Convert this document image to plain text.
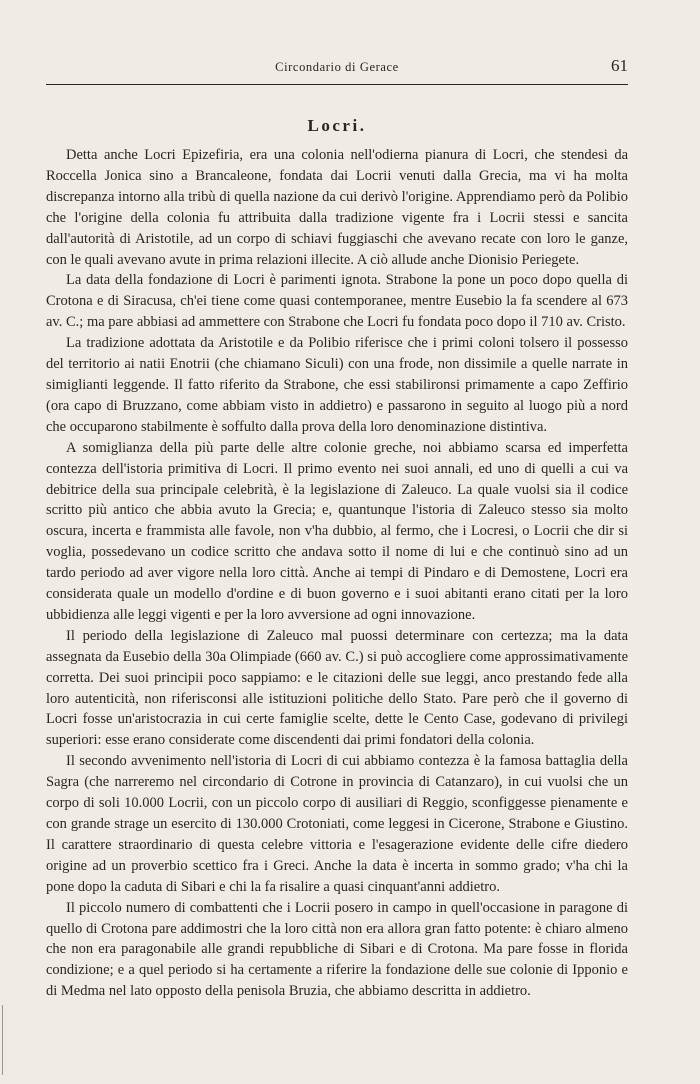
Circondario di Gerace	61
Locri.

Detta anche Locri Epizefiria, era una colonia nell'odierna pianura di Locri, che stendesi da Roccella Jonica sino a Brancaleone, fondata dai Locrii venuti dalla Grecia, ma vi ha molta discrepanza intorno alla tribù di quella nazione da cui derivò l'origine. Apprendiamo però da Polibio che l'origine della colonia fu attribuita dalla tradizione vigente fra i Locrii stessi e sancita dall'autorità di Aristotile, ad un corpo di schiavi fuggiaschi che avevano recate con loro le ganze, con le quali avevano avute in prima relazioni illecite. A ciò allude anche Dionisio Periegete.

La data della fondazione di Locri è parimenti ignota. Strabone la pone un poco dopo quella di Crotona e di Siracusa, ch'ei tiene come quasi contemporanee, mentre Eusebio la fa scendere al 673 av. C.; ma pare abbiasi ad ammettere con Strabone che Locri fu fondata poco dopo il 710 av. Cristo.

La tradizione adottata da Aristotile e da Polibio riferisce che i primi coloni tolsero il possesso del territorio ai natii Enotrii (che chiamano Siculi) con una frode, non dissimile a quelle narrate in simiglianti leggende. Il fatto riferito da Strabone, che essi stabilironsi primamente a capo Zeffirio (ora capo di Bruzzano, come abbiam visto in addietro) e passarono in seguito al luogo più a nord che occuparono stabilmente è soffulto dalla prova della loro denominazione distintiva.

A somiglianza della più parte delle altre colonie greche, noi abbiamo scarsa ed imperfetta contezza dell'istoria primitiva di Locri. Il primo evento nei suoi annali, ed uno di quelli a cui va debitrice della sua principale celebrità, è la legislazione di Zaleuco. La quale vuolsi sia il codice scritto più antico che abbia avuto la Grecia; e, quantunque l'istoria di Zaleuco stesso sia molto oscura, incerta e frammista alle favole, non v'ha dubbio, al fermo, che i Locresi, o Locrii che dir si voglia, possedevano un codice scritto che andava sotto il nome di lui e che continuò sino ad un tardo periodo ad aver vigore nella loro città. Anche ai tempi di Pindaro e di Demostene, Locri era considerata quale un modello d'ordine e di buon governo e i suoi abitanti erano citati per la loro ubbidienza alle leggi vigenti e per la loro avversione ad ogni innovazione.

Il periodo della legislazione di Zaleuco mal puossi determinare con certezza; ma la data assegnata da Eusebio della 30a Olimpiade (660 av. C.) si può accogliere come approssimativamente corretta. Dei suoi principii poco sappiamo: e le citazioni delle sue leggi, anco prestando fede alla loro autenticità, non riferisconsi alle istituzioni politiche dello Stato. Pare però che il governo di Locri fosse un'aristocrazia in cui certe famiglie scelte, dette le Cento Case, godevano di privilegi superiori: esse erano considerate come discendenti dai primi fondatori della colonia.

Il secondo avvenimento nell'istoria di Locri di cui abbiamo contezza è la famosa battaglia della Sagra (che narreremo nel circondario di Cotrone in provincia di Catanzaro), in cui vuolsi che un corpo di soli 10.000 Locrii, con un piccolo corpo di ausiliari di Reggio, sconfiggesse pienamente e con grande strage un esercito di 130.000 Crotoniati, come leggesi in Cicerone, Strabone e Giustino. Il carattere straordinario di questa celebre vittoria e l'esagerazione evidente delle cifre diedero origine ad un proverbio scettico fra i Greci. Anche la data è incerta in sommo grado; v'ha chi la pone dopo la caduta di Sibari e chi la fa risalire a quasi cinquant'anni addietro.

Il piccolo numero di combattenti che i Locrii posero in campo in quell'occasione in paragone di quello di Crotona pare addimostri che la loro città non era allora gran fatto potente: è chiaro almeno che non era paragonabile alle grandi repubbliche di Sibari e di Crotona. Ma pare fosse in florida condizione; e a quel periodo si ha certamente a riferire la fondazione delle sue colonie di Ipponio e di Medma nel lato opposto della penisola Bruzia, che abbiamo descritta in addietro.
